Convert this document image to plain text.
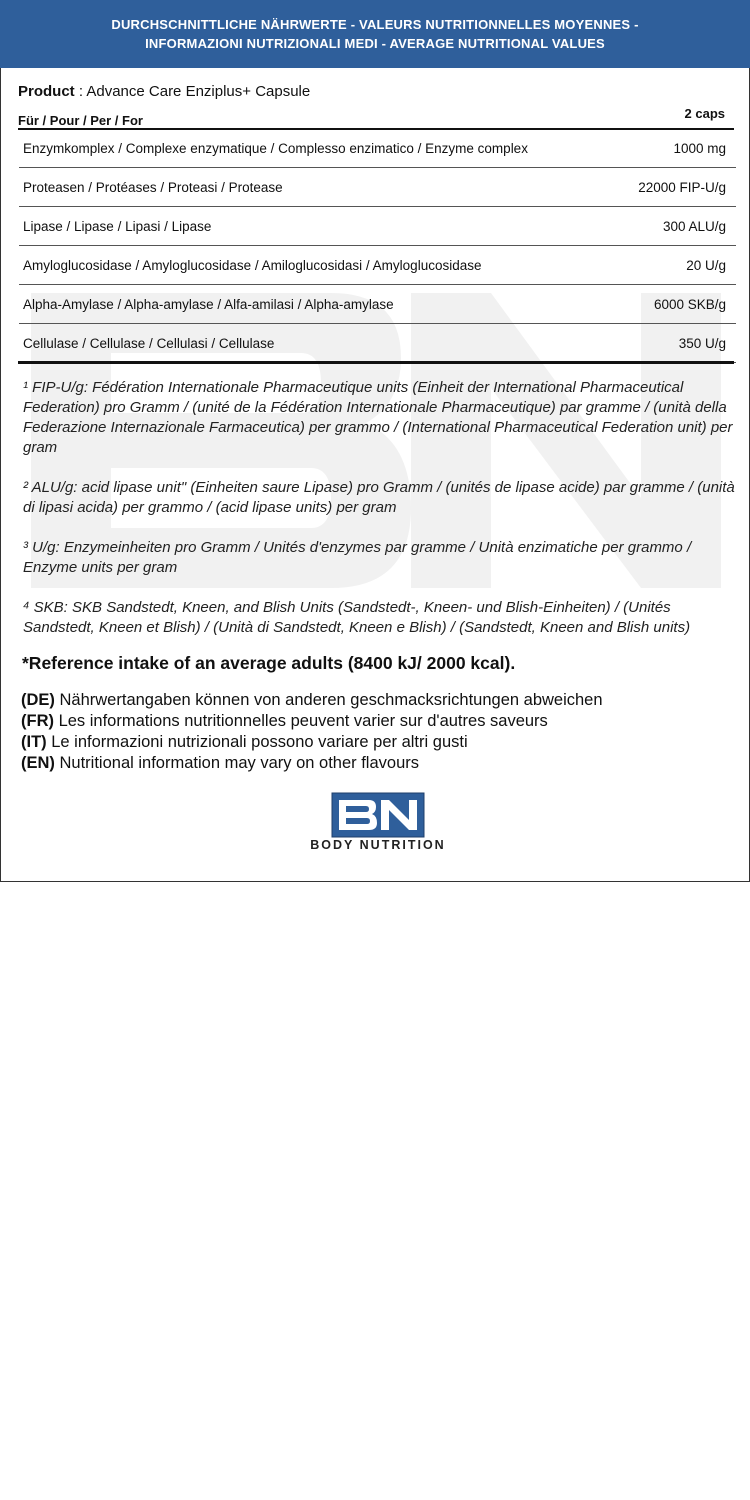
DURCHSCHNITTLICHE NÄHRWERTE - VALEURS NUTRITIONNELLES MOYENNES -
INFORMAZIONI NUTRIZIONALI MEDI - AVERAGE NUTRITIONAL VALUES
Product : Advance Care Enziplus+ Capsule
Für / Pour / Per / For	2 caps
Enzymkomplex / Complexe enzymatique / Complesso enzimatico / Enzyme complex	1000 mg
Proteasen / Protéases / Proteasi / Protease	22000 FIP-U/g
Lipase / Lipase / Lipasi / Lipase	300 ALU/g
Amyloglucosidase / Amyloglucosidase / Amiloglucosidasi / Amyloglucosidase	20 U/g
Alpha-Amylase / Alpha-amylase / Alfa-amilasi / Alpha-amylase	6000 SKB/g
Cellulase / Cellulase / Cellulasi / Cellulase	350 U/g

¹ FIP-U/g: Fédération Internationale Pharmaceutique units (Einheit der International Pharmaceutical Federation) pro Gramm / (unité de la Fédération Internationale Pharmaceutique) par gramme / (unità della Federazione Internazionale Farmaceutica) per grammo / (International Pharmaceutical Federation unit) per gram

² ALU/g: acid lipase unit" (Einheiten saure Lipase) pro Gramm / (unités de lipase acide) par gramme / (unità di lipasi acida) per grammo / (acid lipase units) per gram

³ U/g: Enzymeinheiten pro Gramm / Unités d'enzymes par gramme / Unità enzimatiche per grammo / Enzyme units per gram

⁴ SKB: SKB Sandstedt, Kneen, and Blish Units (Sandstedt-, Kneen- und Blish-Einheiten) / (Unités Sandstedt, Kneen et Blish) / (Unità di Sandstedt, Kneen e Blish) / (Sandstedt, Kneen and Blish units)

*Reference intake of an average adults (8400 kJ/ 2000 kcal).
(DE) Nährwertangaben können von anderen geschmacksrichtungen abweichen
(FR) Les informations nutritionnelles peuvent varier sur d'autres saveurs
(IT) Le informazioni nutrizionali possono variare per altri gusti
(EN) Nutritional information may vary on other flavours
BODY NUTRITION
